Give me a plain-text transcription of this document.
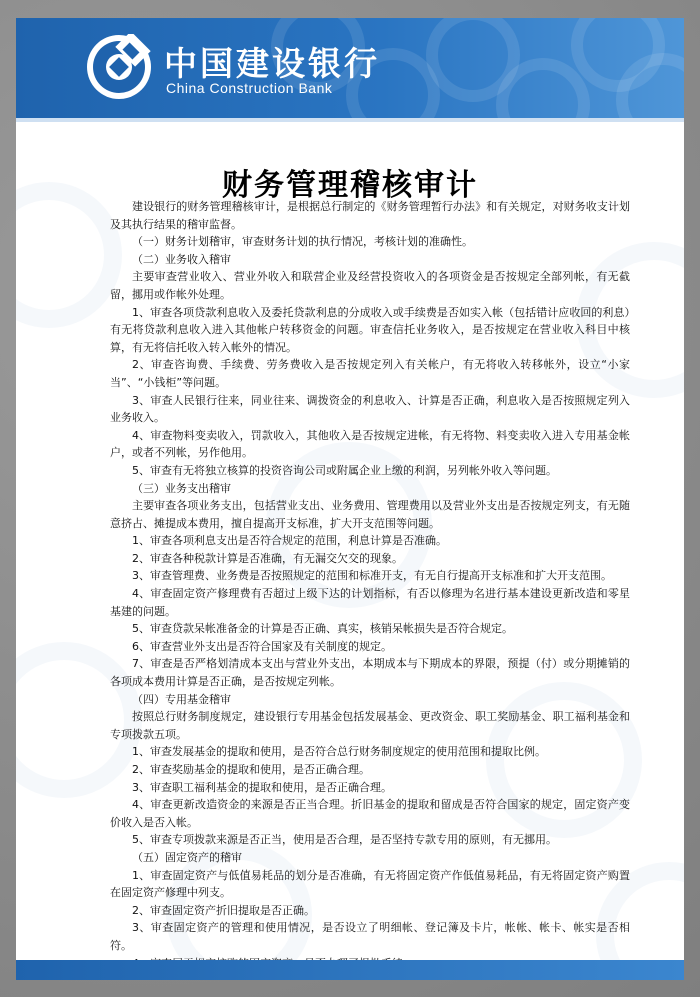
中国建设银行
China Construction Bank
财务管理稽核审计

建设银行的财务管理稽核审计，是根据总行制定的《财务管理暂行办法》和有关规定，对财务收支计划及其执行结果的稽审监督。

（一）财务计划稽审，审查财务计划的执行情况，考核计划的准确性。

（二）业务收入稽审

主要审查营业收入、营业外收入和联营企业及经营投资收入的各项资金是否按规定全部列帐，有无截留，挪用或作帐外处理。

1、审查各项贷款利息收入及委托贷款利息的分成收入或手续费是否如实入帐（包括错计应收回的利息）有无将贷款利息收入进入其他帐户转移资金的问题。审查信托业务收入，是否按规定在营业收入科目中核算，有无将信托收入转入帐外的情况。

2、审查咨询费、手续费、劳务费收入是否按规定列入有关帐户，有无将收入转移帐外，设立“小家当”、“小钱柜”等问题。

3、审查人民银行往来，同业往来、调拨资金的利息收入、计算是否正确，利息收入是否按照规定列入业务收入。

4、审查物料变卖收入，罚款收入，其他收入是否按规定进帐，有无将物、料变卖收入进入专用基金帐户，或者不列帐，另作他用。

5、审查有无将独立核算的投资咨询公司或附属企业上缴的利润，另列帐外收入等问题。

（三）业务支出稽审

主要审查各项业务支出，包括营业支出、业务费用、管理费用以及营业外支出是否按规定列支，有无随意挤占、摊提成本费用，擅自提高开支标准，扩大开支范围等问题。

1、审查各项利息支出是否符合规定的范围，利息计算是否准确。

2、审查各种税款计算是否准确，有无漏交欠交的现象。

3、审查管理费、业务费是否按照规定的范围和标准开支，有无自行提高开支标准和扩大开支范围。

4、审查固定资产修理费有否超过上级下达的计划指标，有否以修理为名进行基本建设更新改造和零星基建的问题。

5、审查贷款呆帐准备金的计算是否正确、真实，核销呆帐损失是否符合规定。

6、审查营业外支出是否符合国家及有关制度的规定。

7、审查是否严格划清成本支出与营业外支出，本期成本与下期成本的界限，预提（付）或分期摊销的各项成本费用计算是否正确，是否按规定列帐。

（四）专用基金稽审

按照总行财务制度规定，建设银行专用基金包括发展基金、更改资金、职工奖励基金、职工福利基金和专项拨款五项。

1、审查发展基金的提取和使用，是否符合总行财务制度规定的使用范围和提取比例。

2、审查奖励基金的提取和使用，是否正确合理。

3、审查职工福利基金的提取和使用，是否正确合理。

4、审查更新改造资金的来源是否正当合理。折旧基金的提取和留成是否符合国家的规定，固定资产变价收入是否入帐。

5、审查专项拨款来源是否正当，使用是否合理，是否坚持专款专用的原则，有无挪用。

（五）固定资产的稽审

1、审查固定资产与低值易耗品的划分是否准确，有无将固定资产作低值易耗品，有无将固定资产购置在固定资产修理中列支。

2、审查固定资产折旧提取是否正确。

3、审查固定资产的管理和使用情况，是否设立了明细帐、登记簿及卡片，帐帐、帐卡、帐实是否相符。
